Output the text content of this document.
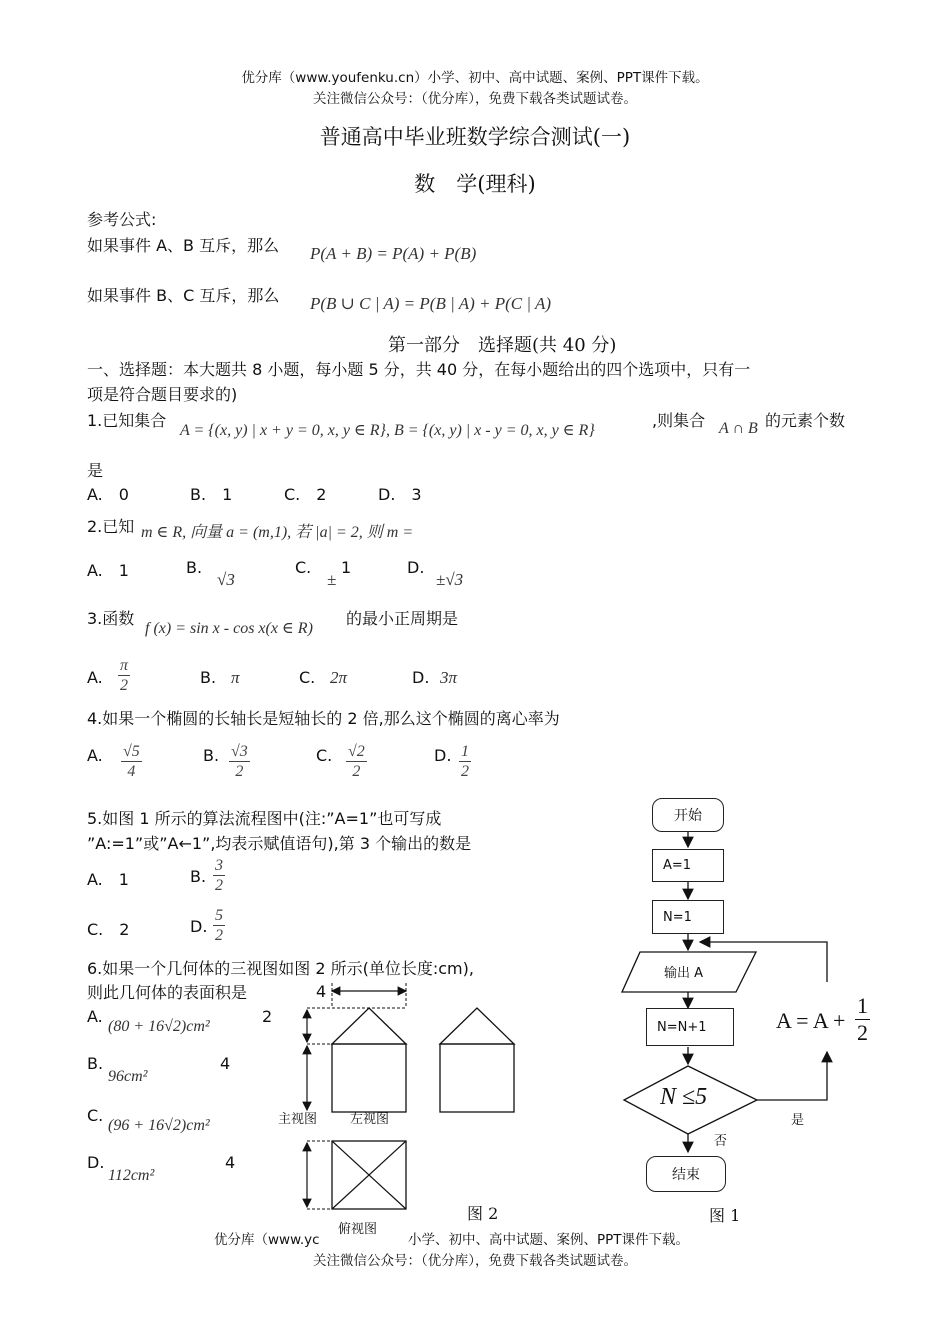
优分库（www.youfenku.cn）小学、初中、高中试题、案例、PPT课件下载。
关注微信公众号：（优分库），免费下载各类试题试卷。
普通高中毕业班数学综合测试(一)
数　学(理科)
参考公式:
如果事件 A、B 互斥，那么 P(A + B) = P(A) + P(B)
如果事件 B、C 互斥，那么 P(B ∪ C | A) = P(B | A) + P(C | A)
第一部分　选择题(共 40 分)
一、选择题：本大题共 8 小题，每小题 5 分，共 40 分，在每小题给出的四个选项中，只有一
项是符合题目要求的)
1.已知集合
A = {(x, y) | x + y = 0, x, y ∈ R}, B = {(x, y) | x - y = 0, x, y ∈ R}
,则集合 A ∩ B 的元素个数
是
A.　0	B.　1	C.　2	D.　3
2.已知 m ∈ R, 向量 a = (m,1), 若 |a| = 2, 则 m =
A.　1	B.
√3
C.
±
1	D.
±√3
3.函数
f (x) = sin x - cos x(x ∈ R)
的最小正周期是
A. $\frac{\pi}{2}$	B. π	C. 2π	D. 3π
4.如果一个椭圆的长轴长是短轴长的 2 倍,那么这个椭圆的离心率为
A. $\frac{√5}{4}$	B. $\frac{√3}{2}$	C. $\frac{√2}{2}$	D. $\frac{1}{2}$
5.如图 1 所示的算法流程图中(注:”A=1”也可写成
”A:=1”或”A←1”,均表示赋值语句),第 3 个输出的数是
A.　1	B. $\frac{3}{2}$
C.　2	D. $\frac{5}{2}$
6.如果一个几何体的三视图如图 2 所示(单位长度:cm),
则此几何体的表面积是
A.
(80 + 16√2)cm²
B.
96cm²
C.
(96 + 16√2)cm²
D.
112cm²
4
2
4
4
主视图	左视图
俯视图
图 2
开始
A=1
N=1
输出 A
N=N+1
N ≤5
否
是
$A = A + \frac{1}{2}$
结束
图 1
优分库（www.yc	小学、初中、高中试题、案例、PPT课件下载。
关注微信公众号：（优分库），免费下载各类试题试卷。
